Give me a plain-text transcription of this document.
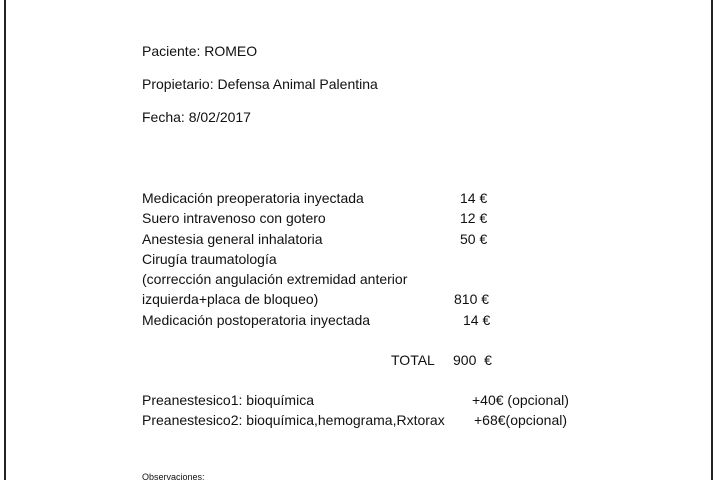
Paciente: ROMEO
Propietario: Defensa Animal Palentina
Fecha: 8/02/2017
Medicación preoperatoria inyectada	14 €
Suero intravenoso con gotero	12 €
Anestesia general inhalatoria	50 €
Cirugía traumatología
(corrección angulación extremidad anterior
izquierda+placa de bloqueo)	810 €
Medicación postoperatoria inyectada	14 €
TOTAL 900  €
Preanestesico1: bioquímica	+40€ (opcional)
Preanestesico2: bioquímica,hemograma,Rxtorax +68€(opcional)
Observaciones:
